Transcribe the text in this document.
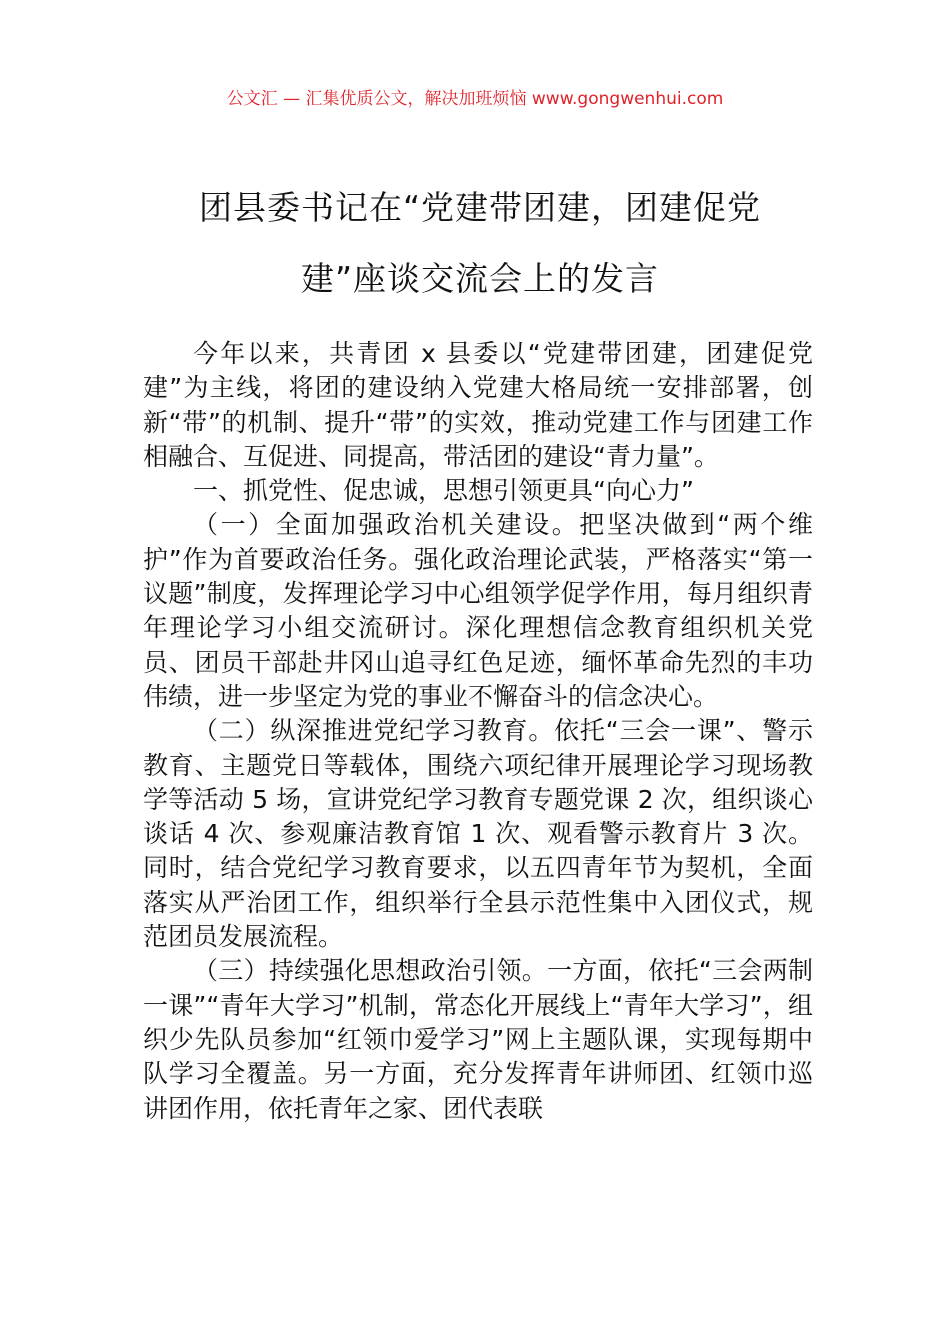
公文汇 — 汇集优质公文，解决加班烦恼 www.gongwenhui.com
团县委书记在“党建带团建，团建促党建”座谈交流会上的发言

今年以来，共青团 x 县委以“党建带团建，团建促党建”为主线，将团的建设纳入党建大格局统一安排部署，创新“带”的机制、提升“带”的实效，推动党建工作与团建工作相融合、互促进、同提高，带活团的建设“青力量”。

一、抓党性、促忠诚，思想引领更具“向心力”

（一）全面加强政治机关建设。把坚决做到“两个维护”作为首要政治任务。强化政治理论武装，严格落实“第一议题”制度，发挥理论学习中心组领学促学作用，每月组织青年理论学习小组交流研讨。深化理想信念教育组织机关党员、团员干部赴井冈山追寻红色足迹，缅怀革命先烈的丰功伟绩，进一步坚定为党的事业不懈奋斗的信念决心。

（二）纵深推进党纪学习教育。依托“三会一课”、警示教育、主题党日等载体，围绕六项纪律开展理论学习现场教学等活动 5 场，宣讲党纪学习教育专题党课 2 次，组织谈心谈话 4 次、参观廉洁教育馆 1 次、观看警示教育片 3 次。同时，结合党纪学习教育要求，以五四青年节为契机，全面落实从严治团工作，组织举行全县示范性集中入团仪式，规范团员发展流程。

（三）持续强化思想政治引领。一方面，依托“三会两制一课”“青年大学习”机制，常态化开展线上“青年大学习”，组织少先队员参加“红领巾爱学习”网上主题队课，实现每期中队学习全覆盖。另一方面，充分发挥青年讲师团、红领巾巡讲团作用，依托青年之家、团代表联
